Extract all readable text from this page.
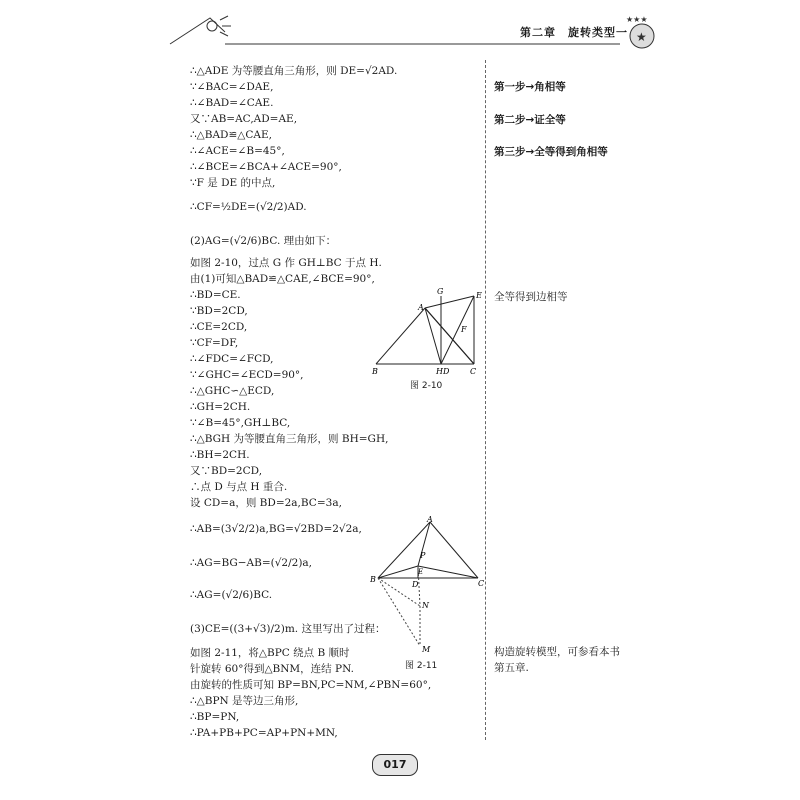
★
★★★
第二章　旋转类型一
∴△ADE 为等腰直角三角形，则 DE=√2AD.
∵∠BAC=∠DAE,
∴∠BAD=∠CAE.
又∵AB=AC,AD=AE,
∴△BAD≌△CAE,
∴∠ACE=∠B=45°,
∴∠BCE=∠BCA+∠ACE=90°,
∵F 是 DE 的中点,
∴CF=½DE=(√2/2)AD.
(2)AG=(√2/6)BC. 理由如下：
如图 2-10，过点 G 作 GH⊥BC 于点 H.
由(1)可知△BAD≌△CAE,∠BCE=90°,
∴BD=CE.
∵BD=2CD,
∴CE=2CD,
∵CF=DF,
∴∠FDC=∠FCD,
∵∠GHC=∠ECD=90°,
∴△GHC∽△ECD,
∴GH=2CH.
∵∠B=45°,GH⊥BC,
∴△BGH 为等腰直角三角形，则 BH=GH,
∴BH=2CH.
又∵BD=2CD,
∴点 D 与点 H 重合.
设 CD=a，则 BD=2a,BC=3a,
∴AB=(3√2/2)a,BG=√2BD=2√2a,
∴AG=BG−AB=(√2/2)a,
∴AG=(√2/6)BC.
(3)CE=((3+√3)/2)m. 这里写出了过程：
如图 2-11，将△BPC 绕点 B 顺时
针旋转 60°得到△BNM，连结 PN.
由旋转的性质可知 BP=BN,PC=NM,∠PBN=60°,
∴△BPN 是等边三角形,
∴BP=PN,
∴PA+PB+PC=AP+PN+MN,
第一步→角相等
第二步→证全等
第三步→全等得到角相等
全等得到边相等
构造旋转模型，可参看本书
第五章.
A
G	E
F
B	H D	C
图 2-10
A
P
E
B
D	C
N
M
图 2-11
017
